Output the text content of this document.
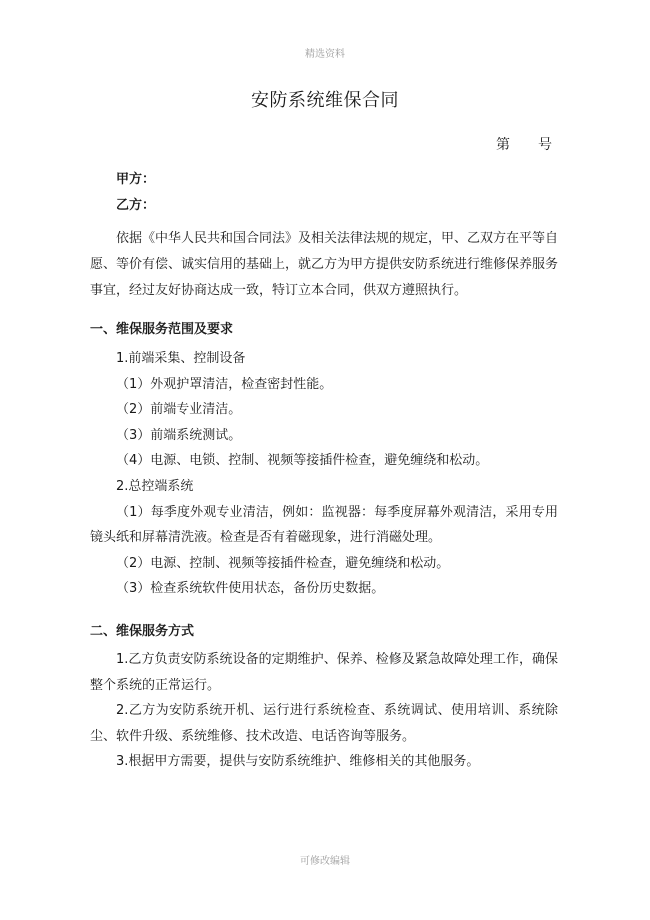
精选资料
安防系统维保合同
第 号
甲方：
乙方：
依据《中华人民共和国合同法》及相关法律法规的规定，甲、乙双方在平等自愿、等价有偿、诚实信用的基础上，就乙方为甲方提供安防系统进行维修保养服务事宜，经过友好协商达成一致，特订立本合同，供双方遵照执行。
一、维保服务范围及要求
1.前端采集、控制设备
（1）外观护罩清洁，检查密封性能。
（2）前端专业清洁。
（3）前端系统测试。
（4）电源、电锁、控制、视频等接插件检查，避免缠绕和松动。
2.总控端系统
（1）每季度外观专业清洁，例如：监视器：每季度屏幕外观清洁，采用专用镜头纸和屏幕清洗液。检查是否有着磁现象，进行消磁处理。
（2）电源、控制、视频等接插件检查，避免缠绕和松动。
（3）检查系统软件使用状态，备份历史数据。
二、维保服务方式
1.乙方负责安防系统设备的定期维护、保养、检修及紧急故障处理工作，确保整个系统的正常运行。
2.乙方为安防系统开机、运行进行系统检查、系统调试、使用培训、系统除尘、软件升级、系统维修、技术改造、电话咨询等服务。
3.根据甲方需要，提供与安防系统维护、维修相关的其他服务。
可修改编辑
